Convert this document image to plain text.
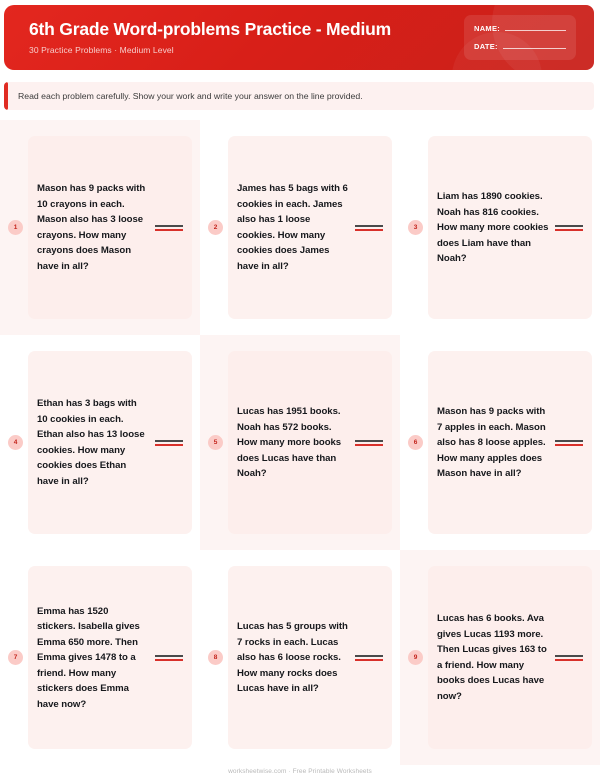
6th Grade Word-problems Practice - Medium
30 Practice Problems · Medium Level
NAME:
DATE:
Read each problem carefully. Show your work and write your answer on the line provided.
1
Mason has 9 packs with 10 crayons in each. Mason also has 3 loose crayons. How many crayons does Mason have in all?
2
James has 5 bags with 6 cookies in each. James also has 1 loose cookies. How many cookies does James have in all?
3
Liam has 1890 cookies. Noah has 816 cookies. How many more cookies does Liam have than Noah?
4
Ethan has 3 bags with 10 cookies in each. Ethan also has 13 loose cookies. How many cookies does Ethan have in all?
5
Lucas has 1951 books. Noah has 572 books. How many more books does Lucas have than Noah?
6
Mason has 9 packs with 7 apples in each. Mason also has 8 loose apples. How many apples does Mason have in all?
7
Emma has 1520 stickers. Isabella gives Emma 650 more. Then Emma gives 1478 to a friend. How many stickers does Emma have now?
8
Lucas has 5 groups with 7 rocks in each. Lucas also has 6 loose rocks. How many rocks does Lucas have in all?
9
Lucas has 6 books. Ava gives Lucas 1193 more. Then Lucas gives 163 to a friend. How many books does Lucas have now?
worksheetwise.com · Free Printable Worksheets
